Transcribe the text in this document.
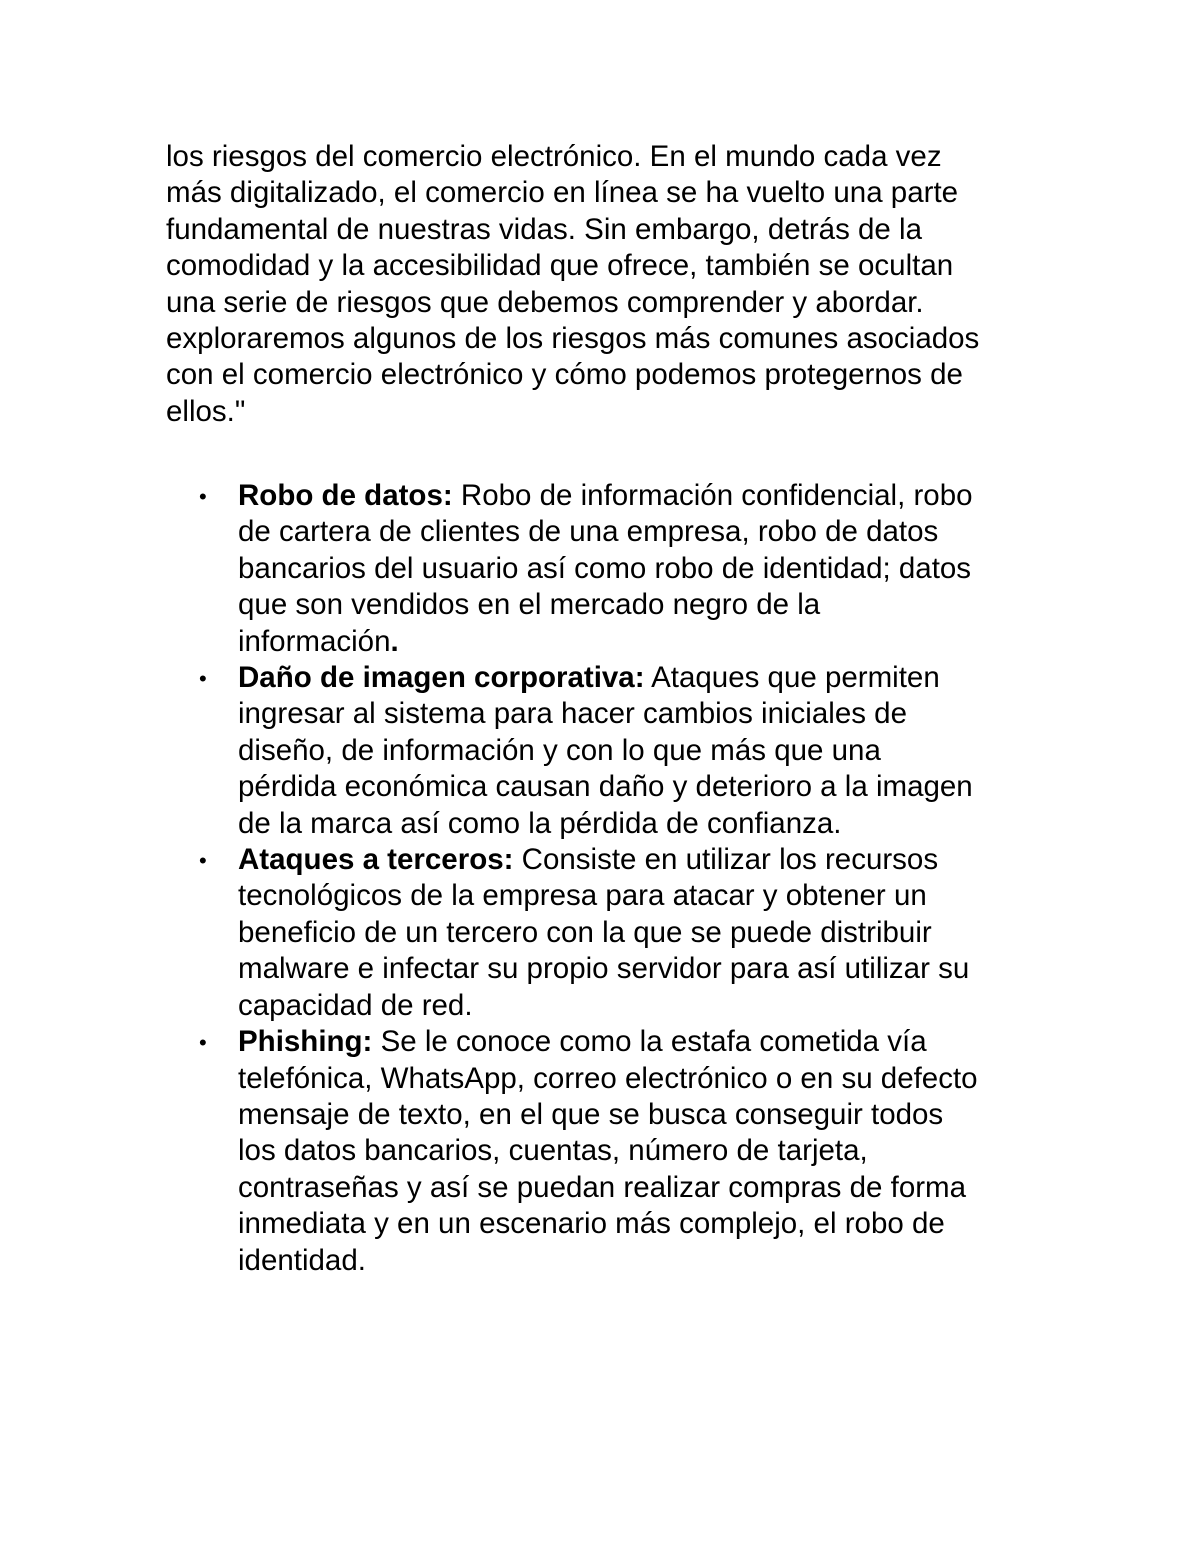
los riesgos del comercio electrónico. En el mundo cada vez
más digitalizado, el comercio en línea se ha vuelto una parte
fundamental de nuestras vidas. Sin embargo, detrás de la
comodidad y la accesibilidad que ofrece, también se ocultan
una serie de riesgos que debemos comprender y abordar.
exploraremos algunos de los riesgos más comunes asociados
con el comercio electrónico y cómo podemos protegernos de
ellos."

• Robo de datos: Robo de información confidencial, robo
de cartera de clientes de una empresa, robo de datos
bancarios del usuario así como robo de identidad; datos
que son vendidos en el mercado negro de la
información.
• Daño de imagen corporativa: Ataques que permiten
ingresar al sistema para hacer cambios iniciales de
diseño, de información y con lo que más que una
pérdida económica causan daño y deterioro a la imagen
de la marca así como la pérdida de confianza.
• Ataques a terceros: Consiste en utilizar los recursos
tecnológicos de la empresa para atacar y obtener un
beneficio de un tercero con la que se puede distribuir
malware e infectar su propio servidor para así utilizar su
capacidad de red.
• Phishing: Se le conoce como la estafa cometida vía
telefónica, WhatsApp, correo electrónico o en su defecto
mensaje de texto, en el que se busca conseguir todos
los datos bancarios, cuentas, número de tarjeta,
contraseñas y así se puedan realizar compras de forma
inmediata y en un escenario más complejo, el robo de
identidad.
